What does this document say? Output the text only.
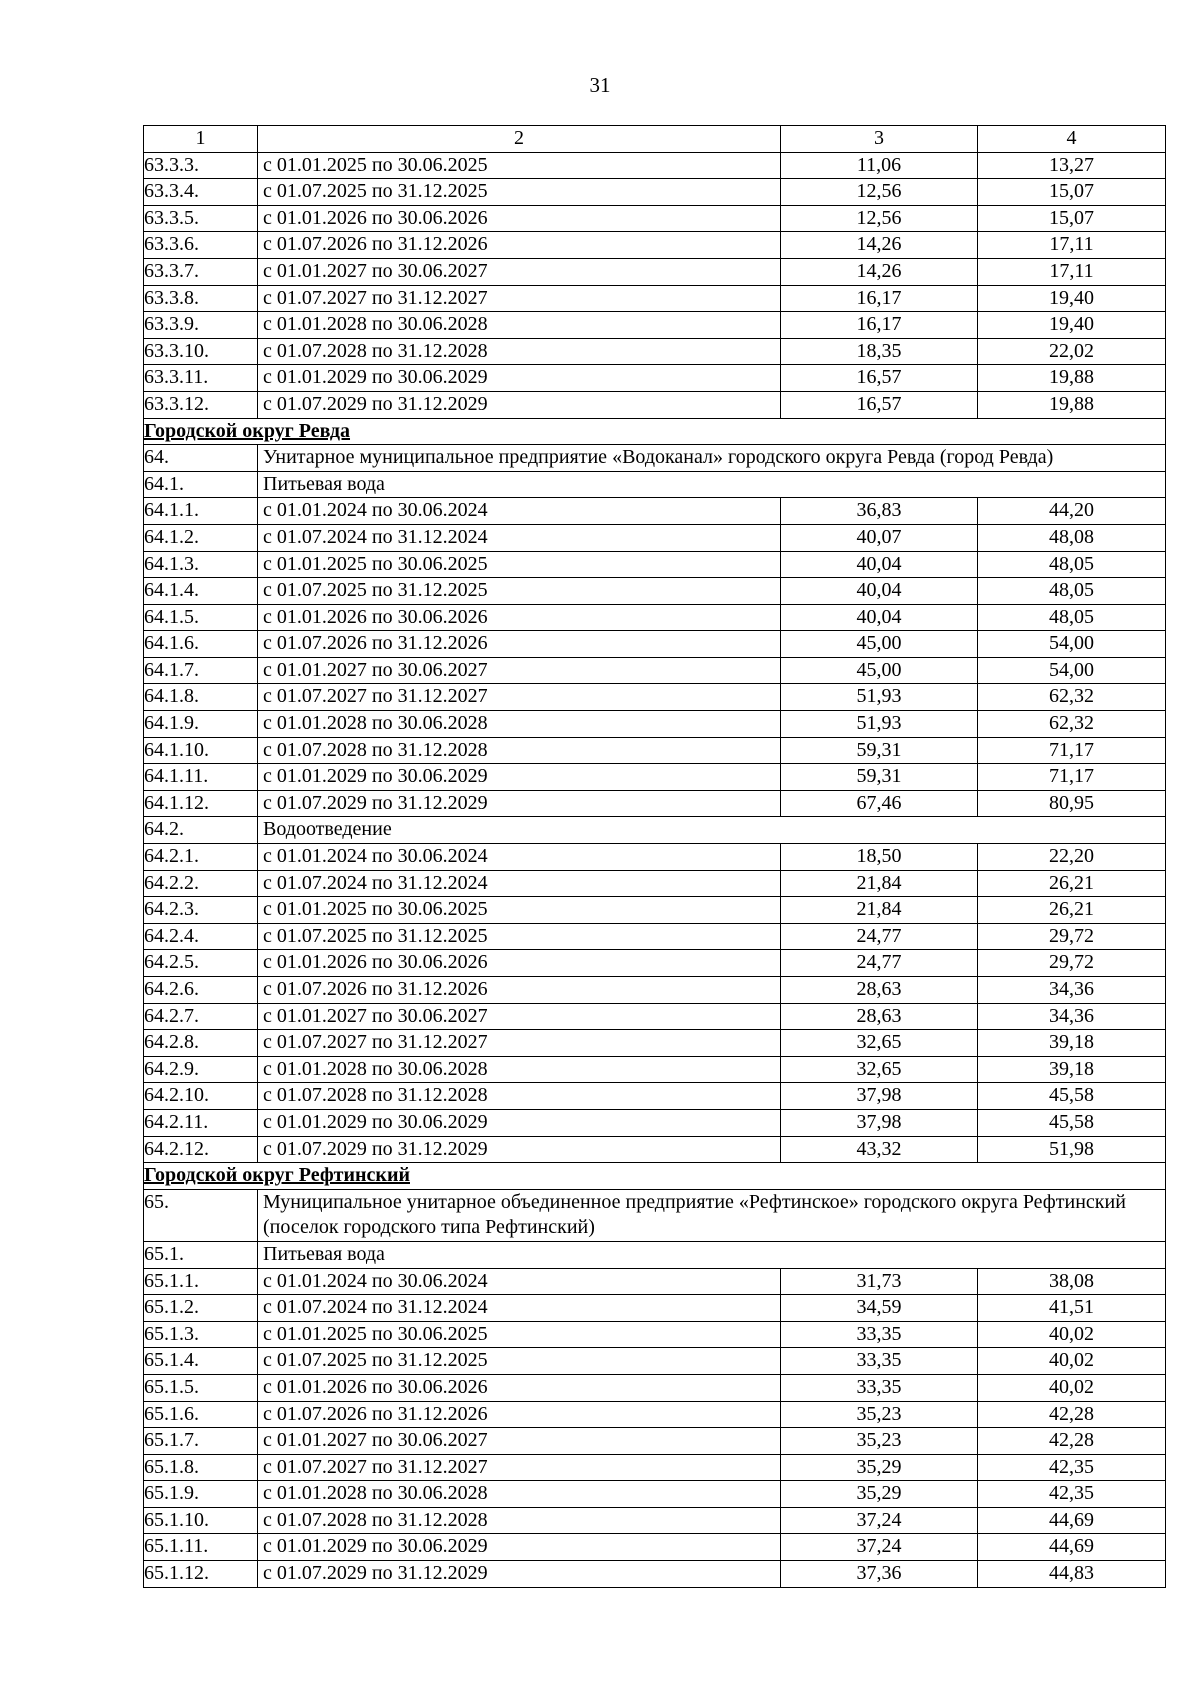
31
1	2	3	4
63.3.3.	с 01.01.2025 по 30.06.2025	11,06	13,27
63.3.4.	с 01.07.2025 по 31.12.2025	12,56	15,07
63.3.5.	с 01.01.2026 по 30.06.2026	12,56	15,07
63.3.6.	с 01.07.2026 по 31.12.2026	14,26	17,11
63.3.7.	с 01.01.2027 по 30.06.2027	14,26	17,11
63.3.8.	с 01.07.2027 по 31.12.2027	16,17	19,40
63.3.9.	с 01.01.2028 по 30.06.2028	16,17	19,40
63.3.10.	с 01.07.2028 по 31.12.2028	18,35	22,02
63.3.11.	с 01.01.2029 по 30.06.2029	16,57	19,88
63.3.12.	с 01.07.2029 по 31.12.2029	16,57	19,88
Городской округ Ревда			
64.	Унитарное муниципальное предприятие «Водоканал» городского округа Ревда (город Ревда)		
64.1.	Питьевая вода		
64.1.1.	с 01.01.2024 по 30.06.2024	36,83	44,20
64.1.2.	с 01.07.2024 по 31.12.2024	40,07	48,08
64.1.3.	с 01.01.2025 по 30.06.2025	40,04	48,05
64.1.4.	с 01.07.2025 по 31.12.2025	40,04	48,05
64.1.5.	с 01.01.2026 по 30.06.2026	40,04	48,05
64.1.6.	с 01.07.2026 по 31.12.2026	45,00	54,00
64.1.7.	с 01.01.2027 по 30.06.2027	45,00	54,00
64.1.8.	с 01.07.2027 по 31.12.2027	51,93	62,32
64.1.9.	с 01.01.2028 по 30.06.2028	51,93	62,32
64.1.10.	с 01.07.2028 по 31.12.2028	59,31	71,17
64.1.11.	с 01.01.2029 по 30.06.2029	59,31	71,17
64.1.12.	с 01.07.2029 по 31.12.2029	67,46	80,95
64.2.	Водоотведение		
64.2.1.	с 01.01.2024 по 30.06.2024	18,50	22,20
64.2.2.	с 01.07.2024 по 31.12.2024	21,84	26,21
64.2.3.	с 01.01.2025 по 30.06.2025	21,84	26,21
64.2.4.	с 01.07.2025 по 31.12.2025	24,77	29,72
64.2.5.	с 01.01.2026 по 30.06.2026	24,77	29,72
64.2.6.	с 01.07.2026 по 31.12.2026	28,63	34,36
64.2.7.	с 01.01.2027 по 30.06.2027	28,63	34,36
64.2.8.	с 01.07.2027 по 31.12.2027	32,65	39,18
64.2.9.	с 01.01.2028 по 30.06.2028	32,65	39,18
64.2.10.	с 01.07.2028 по 31.12.2028	37,98	45,58
64.2.11.	с 01.01.2029 по 30.06.2029	37,98	45,58
64.2.12.	с 01.07.2029 по 31.12.2029	43,32	51,98
Городской округ Рефтинский			
65.	Муниципальное унитарное объединенное предприятие «Рефтинское» городского округа Рефтинский (поселок городского типа Рефтинский)		
65.1.	Питьевая вода		
65.1.1.	с 01.01.2024 по 30.06.2024	31,73	38,08
65.1.2.	с 01.07.2024 по 31.12.2024	34,59	41,51
65.1.3.	с 01.01.2025 по 30.06.2025	33,35	40,02
65.1.4.	с 01.07.2025 по 31.12.2025	33,35	40,02
65.1.5.	с 01.01.2026 по 30.06.2026	33,35	40,02
65.1.6.	с 01.07.2026 по 31.12.2026	35,23	42,28
65.1.7.	с 01.01.2027 по 30.06.2027	35,23	42,28
65.1.8.	с 01.07.2027 по 31.12.2027	35,29	42,35
65.1.9.	с 01.01.2028 по 30.06.2028	35,29	42,35
65.1.10.	с 01.07.2028 по 31.12.2028	37,24	44,69
65.1.11.	с 01.01.2029 по 30.06.2029	37,24	44,69
65.1.12.	с 01.07.2029 по 31.12.2029	37,36	44,83
